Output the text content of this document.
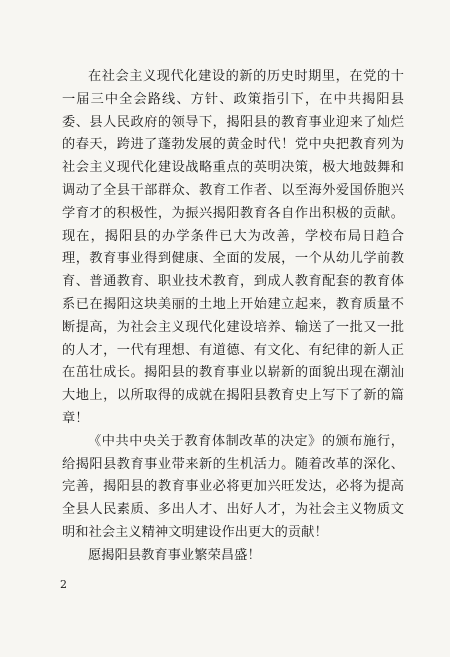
在社会主义现代化建设的新的历史时期里，在党的十一届三中全会路线、方针、政策指引下，在中共揭阳县委、县人民政府的领导下，揭阳县的教育事业迎来了灿烂的春天，跨进了蓬勃发展的黄金时代！党中央把教育列为社会主义现代化建设战略重点的英明决策，极大地鼓舞和调动了全县干部群众、教育工作者、以至海外爱国侨胞兴学育才的积极性，为振兴揭阳教育各自作出积极的贡献。现在，揭阳县的办学条件已大为改善，学校布局日趋合理，教育事业得到健康、全面的发展，一个从幼儿学前教育、普通教育、职业技术教育，到成人教育配套的教育体系已在揭阳这块美丽的土地上开始建立起来，教育质量不断提高，为社会主义现代化建设培养、输送了一批又一批的人才，一代有理想、有道德、有文化、有纪律的新人正在茁壮成长。揭阳县的教育事业以崭新的面貌出现在潮汕大地上，以所取得的成就在揭阳县教育史上写下了新的篇章！

《中共中央关于教育体制改革的决定》的颁布施行，给揭阳县教育事业带来新的生机活力。随着改革的深化、完善，揭阳县的教育事业必将更加兴旺发达，必将为提高全县人民素质、多出人才、出好人才，为社会主义物质文明和社会主义精神文明建设作出更大的贡献！

愿揭阳县教育事业繁荣昌盛！

2
